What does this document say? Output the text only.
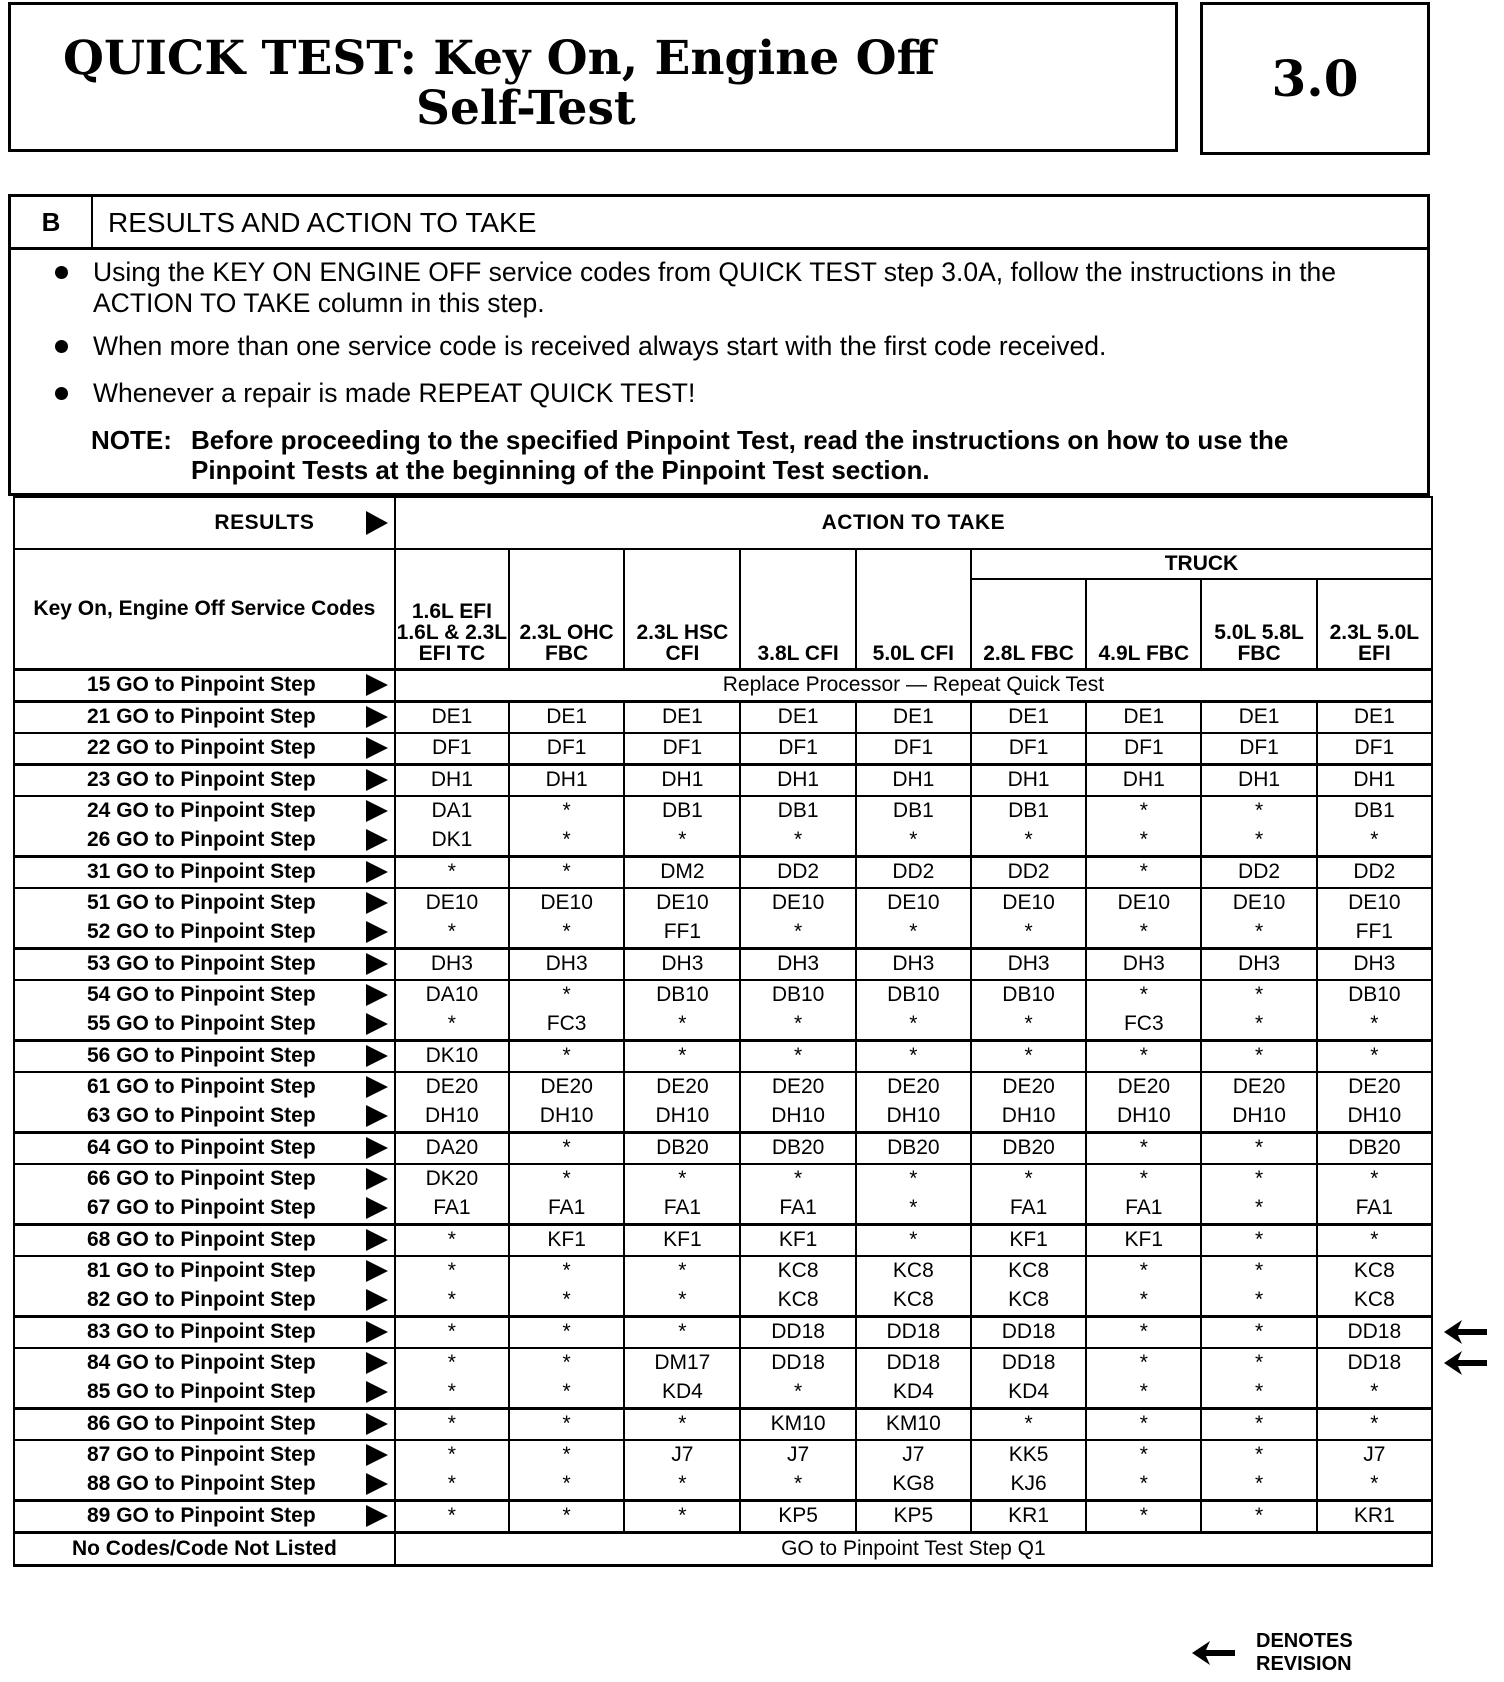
QUICK TEST: Key On, Engine Off
Self-Test
3.0
B	RESULTS AND ACTION TO TAKE
Using the KEY ON ENGINE OFF service codes from QUICK TEST step 3.0A, follow the instructions in the ACTION TO TAKE column in this step.
When more than one service code is received always start with the first code received.
Whenever a repair is made REPEAT QUICK TEST!
NOTE: Before proceeding to the specified Pinpoint Test, read the instructions on how to use the
Pinpoint Tests at the beginning of the Pinpoint Test section.
RESULTS	ACTION TO TAKE								
Key On, Engine Off Service Codes	1.6L EFI 1.6L & 2.3L EFI TC	2.3L OHC FBC	2.3L HSC CFI	3.8L CFI	5.0L CFI	TRUCK			
						2.8L FBC	4.9L FBC	5.0L 5.8L FBC	2.3L 5.0L EFI
15 GO to Pinpoint Step	Replace Processor — Repeat Quick Test								
21 GO to Pinpoint Step	DE1	DE1	DE1	DE1	DE1	DE1	DE1	DE1	DE1
22 GO to Pinpoint Step	DF1	DF1	DF1	DF1	DF1	DF1	DF1	DF1	DF1
23 GO to Pinpoint Step	DH1	DH1	DH1	DH1	DH1	DH1	DH1	DH1	DH1
24 GO to Pinpoint Step	DA1	*	DB1	DB1	DB1	DB1	*	*	DB1
26 GO to Pinpoint Step	DK1	*	*	*	*	*	*	*	*
31 GO to Pinpoint Step	*	*	DM2	DD2	DD2	DD2	*	DD2	DD2
51 GO to Pinpoint Step	DE10	DE10	DE10	DE10	DE10	DE10	DE10	DE10	DE10
52 GO to Pinpoint Step	*	*	FF1	*	*	*	*	*	FF1
53 GO to Pinpoint Step	DH3	DH3	DH3	DH3	DH3	DH3	DH3	DH3	DH3
54 GO to Pinpoint Step	DA10	*	DB10	DB10	DB10	DB10	*	*	DB10
55 GO to Pinpoint Step	*	FC3	*	*	*	*	FC3	*	*
56 GO to Pinpoint Step	DK10	*	*	*	*	*	*	*	*
61 GO to Pinpoint Step	DE20	DE20	DE20	DE20	DE20	DE20	DE20	DE20	DE20
63 GO to Pinpoint Step	DH10	DH10	DH10	DH10	DH10	DH10	DH10	DH10	DH10
64 GO to Pinpoint Step	DA20	*	DB20	DB20	DB20	DB20	*	*	DB20
66 GO to Pinpoint Step	DK20	*	*	*	*	*	*	*	*
67 GO to Pinpoint Step	FA1	FA1	FA1	FA1	*	FA1	FA1	*	FA1
68 GO to Pinpoint Step	*	KF1	KF1	KF1	*	KF1	KF1	*	*
81 GO to Pinpoint Step	*	*	*	KC8	KC8	KC8	*	*	KC8
82 GO to Pinpoint Step	*	*	*	KC8	KC8	KC8	*	*	KC8
83 GO to Pinpoint Step	*	*	*	DD18	DD18	DD18	*	*	DD18
84 GO to Pinpoint Step	*	*	DM17	DD18	DD18	DD18	*	*	DD18
85 GO to Pinpoint Step	*	*	KD4	*	KD4	KD4	*	*	*
86 GO to Pinpoint Step	*	*	*	KM10	KM10	*	*	*	*
87 GO to Pinpoint Step	*	*	J7	J7	J7	KK5	*	*	J7
88 GO to Pinpoint Step	*	*	*	*	KG8	KJ6	*	*	*
89 GO to Pinpoint Step	*	*	*	KP5	KP5	KR1	*	*	KR1
No Codes/Code Not Listed	GO to Pinpoint Test Step Q1								
DENOTES
REVISION
